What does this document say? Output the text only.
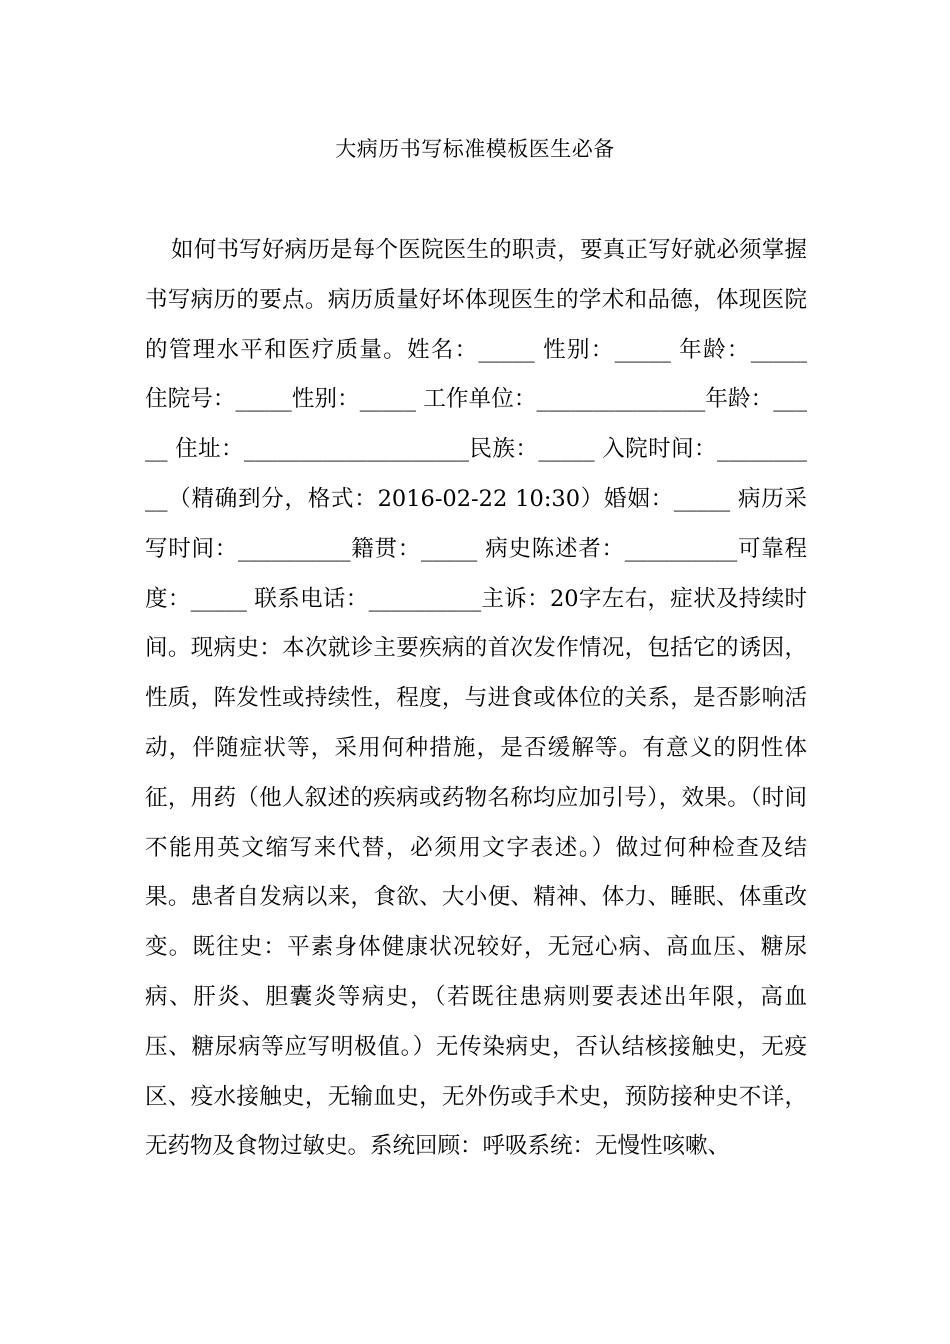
大病历书写标准模板医生必备

如何书写好病历是每个医院医生的职责，要真正写好就必须掌握书写病历的要点。病历质量好坏体现医生的学术和品德，体现医院的管理水平和医疗质量。姓名：_____ 性别：_____ 年龄：_____ 住院号：_____性别：_____ 工作单位：_______________年龄：_____ 住址：____________________民族：_____ 入院时间：__________（精确到分，格式：2016-02-22 10:30）婚姻：_____ 病历采写时间：__________籍贯：_____ 病史陈述者：__________可靠程度：_____ 联系电话：__________主诉：20字左右，症状及持续时间。现病史：本次就诊主要疾病的首次发作情况，包括它的诱因，性质，阵发性或持续性，程度，与进食或体位的关系，是否影响活动，伴随症状等，采用何种措施，是否缓解等。有意义的阴性体征，用药（他人叙述的疾病或药物名称均应加引号），效果。（时间不能用英文缩写来代替，必须用文字表述。）做过何种检查及结果。患者自发病以来，食欲、大小便、精神、体力、睡眠、体重改变。既往史：平素身体健康状况较好，无冠心病、高血压、糖尿病、肝炎、胆囊炎等病史，（若既往患病则要表述出年限，高血压、糖尿病等应写明极值。）无传染病史，否认结核接触史，无疫区、疫水接触史，无输血史，无外伤或手术史，预防接种史不详，无药物及食物过敏史。系统回顾：呼吸系统：无慢性咳嗽、
